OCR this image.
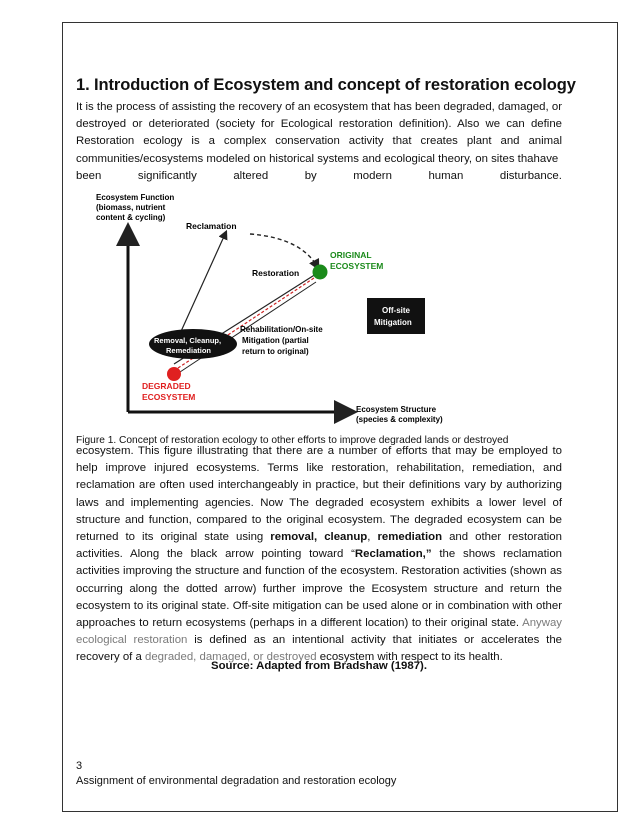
1. Introduction of Ecosystem and concept of restoration ecology
It is the process of assisting the recovery of an ecosystem that has been degraded, damaged, or destroyed or deteriorated (society for Ecological restoration definition). Also we can define Restoration ecology is a complex conservation activity that creates plant and animal communities/ecosystems modeled on historical systems and ecological theory, on sites thahave
been	significantly	altered	by	modern	human	disturbance.
Ecosystem Function
(biomass, nutrient
content & cycling)
Ecosystem Structure
(species & complexity)
Reclamation
Restoration
ORIGINAL
ECOSYSTEM
Off-site
Mitigation
Removal, Cleanup,
Remediation
Rehabilitation/On-site
Mitigation (partial
return to original)
DEGRADED
ECOSYSTEM

Figure 1. Concept of restoration ecology to other efforts to improve degraded lands or destroyed

ecosystem. This figure illustrating that there are a number of efforts that may be employed to help improve injured ecosystems. Terms like restoration, rehabilitation, remediation, and reclamation are often used interchangeably in practice, but their definitions vary by authorizing laws and implementing agencies. Now The degraded ecosystem exhibits a lower level of structure and function, compared to the original ecosystem. The degraded ecosystem can be returned to its original state using removal, cleanup, remediation and other restoration activities. Along the black arrow pointing toward “Reclamation,” the shows reclamation activities improving the structure and function of the ecosystem. Restoration activities (shown as occurring along the dotted arrow) further improve the Ecosystem structure and return the ecosystem to its original state. Off-site mitigation can be used alone or in combination with other approaches to return ecosystems (perhaps in a different location) to their original state. Anyway ecological restoration is defined as an intentional activity that initiates or accelerates the recovery of a degraded, damaged, or destroyed ecosystem with respect to its health.

Source: Adapted from Bradshaw (1987).
3
Assignment of environmental degradation and restoration ecology
